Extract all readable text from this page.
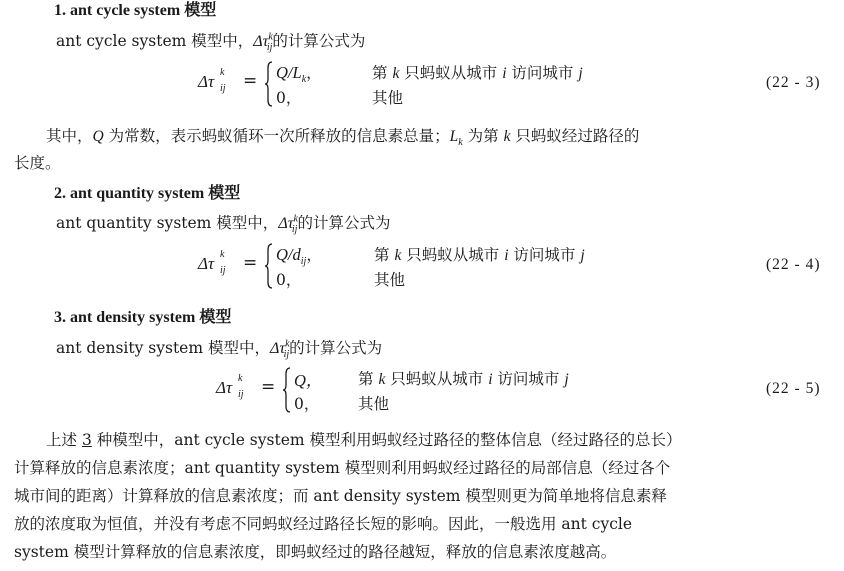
1. ant cycle system 模型
ant cycle system 模型中，$\Delta\tau^k_{ij}$的计算公式为
Δτ k
ij = $Q/L_k$，	第 k 只蚂蚁从城市 i 访问城市 j
0，	其他
(22 - 3)
其中，Q 为常数，表示蚂蚁循环一次所释放的信息素总量；$L_k$ 为第 k 只蚂蚁经过路径的
长度。
2. ant quantity system 模型
ant quantity system 模型中，$\Delta\tau^k_{ij}$的计算公式为
Δτ k
ij = $Q/d_{ij}$，	第 k 只蚂蚁从城市 i 访问城市 j
0，	其他
(22 - 4)
3. ant density system 模型
ant density system 模型中，$\Delta\tau^k_{ij}$的计算公式为
Δτ k
ij = Q， 第 k 只蚂蚁从城市 i 访问城市 j
0， 其他
(22 - 5)
上述 3 种模型中，ant cycle system 模型利用蚂蚁经过路径的整体信息（经过路径的总长）
计算释放的信息素浓度；ant quantity system 模型则利用蚂蚁经过路径的局部信息（经过各个
城市间的距离）计算释放的信息素浓度；而 ant density system 模型则更为简单地将信息素释
放的浓度取为恒值，并没有考虑不同蚂蚁经过路径长短的影响。因此，一般选用 ant cycle
system 模型计算释放的信息素浓度，即蚂蚁经过的路径越短，释放的信息素浓度越高。
